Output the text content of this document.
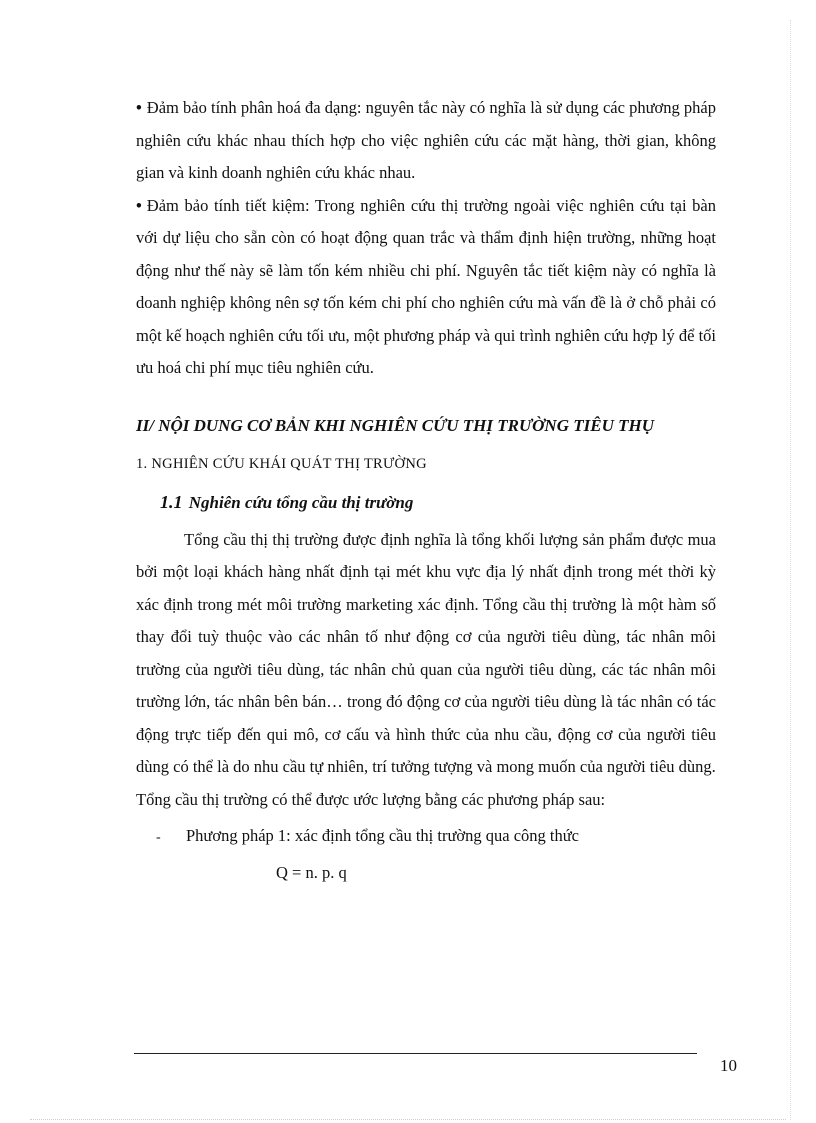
• Đảm bảo tính phân hoá đa dạng: nguyên tắc này có nghĩa là sử dụng các phương pháp nghiên cứu khác nhau thích hợp cho việc nghiên cứu các mặt hàng, thời gian, không gian và kinh doanh nghiên cứu khác nhau.

• Đảm bảo tính tiết kiệm: Trong nghiên cứu thị trường ngoài việc nghiên cứu tại bàn với dự liệu cho sẵn còn có hoạt động quan trắc và thẩm định hiện trường, những hoạt động như thế này sẽ làm tốn kém nhiều chi phí. Nguyên tắc tiết kiệm này có nghĩa là doanh nghiệp không nên sợ tốn kém chi phí cho nghiên cứu mà vấn đề là ở chỗ phải có một kế hoạch nghiên cứu tối ưu, một phương pháp và qui trình nghiên cứu hợp lý để tối ưu hoá chi phí mục tiêu nghiên cứu.

II/ NỘI DUNG CƠ BẢN KHI NGHIÊN CỨU THỊ TRƯỜNG TIÊU THỤ

1. NGHIÊN CỨU KHÁI QUÁT THỊ TRƯỜNG

1.1 Nghiên cứu tổng cầu thị trường

Tổng cầu thị thị trường được định nghĩa là tổng khối lượng sản phẩm được mua bởi một loại khách hàng nhất định tại mét khu vực địa lý nhất định trong mét thời kỳ xác định trong mét môi trường marketing xác định. Tổng cầu thị trường là một hàm số thay đổi tuỳ thuộc vào các nhân tố như động cơ của người tiêu dùng, tác nhân môi trường của người tiêu dùng, tác nhân chủ quan của người tiêu dùng, các tác nhân môi trường lớn, tác nhân bên bán… trong đó động cơ của người tiêu dùng là tác nhân có tác động trực tiếp đến qui mô, cơ cấu và hình thức của nhu cầu, động cơ của người tiêu dùng có thể là do nhu cầu tự nhiên, trí tưởng tượng và mong muốn của người tiêu dùng.

Tổng cầu thị trường có thể được ước lượng bằng các phương pháp sau:

- Phương pháp 1: xác định tổng cầu thị trường qua công thức

Q = n. p. q

10
